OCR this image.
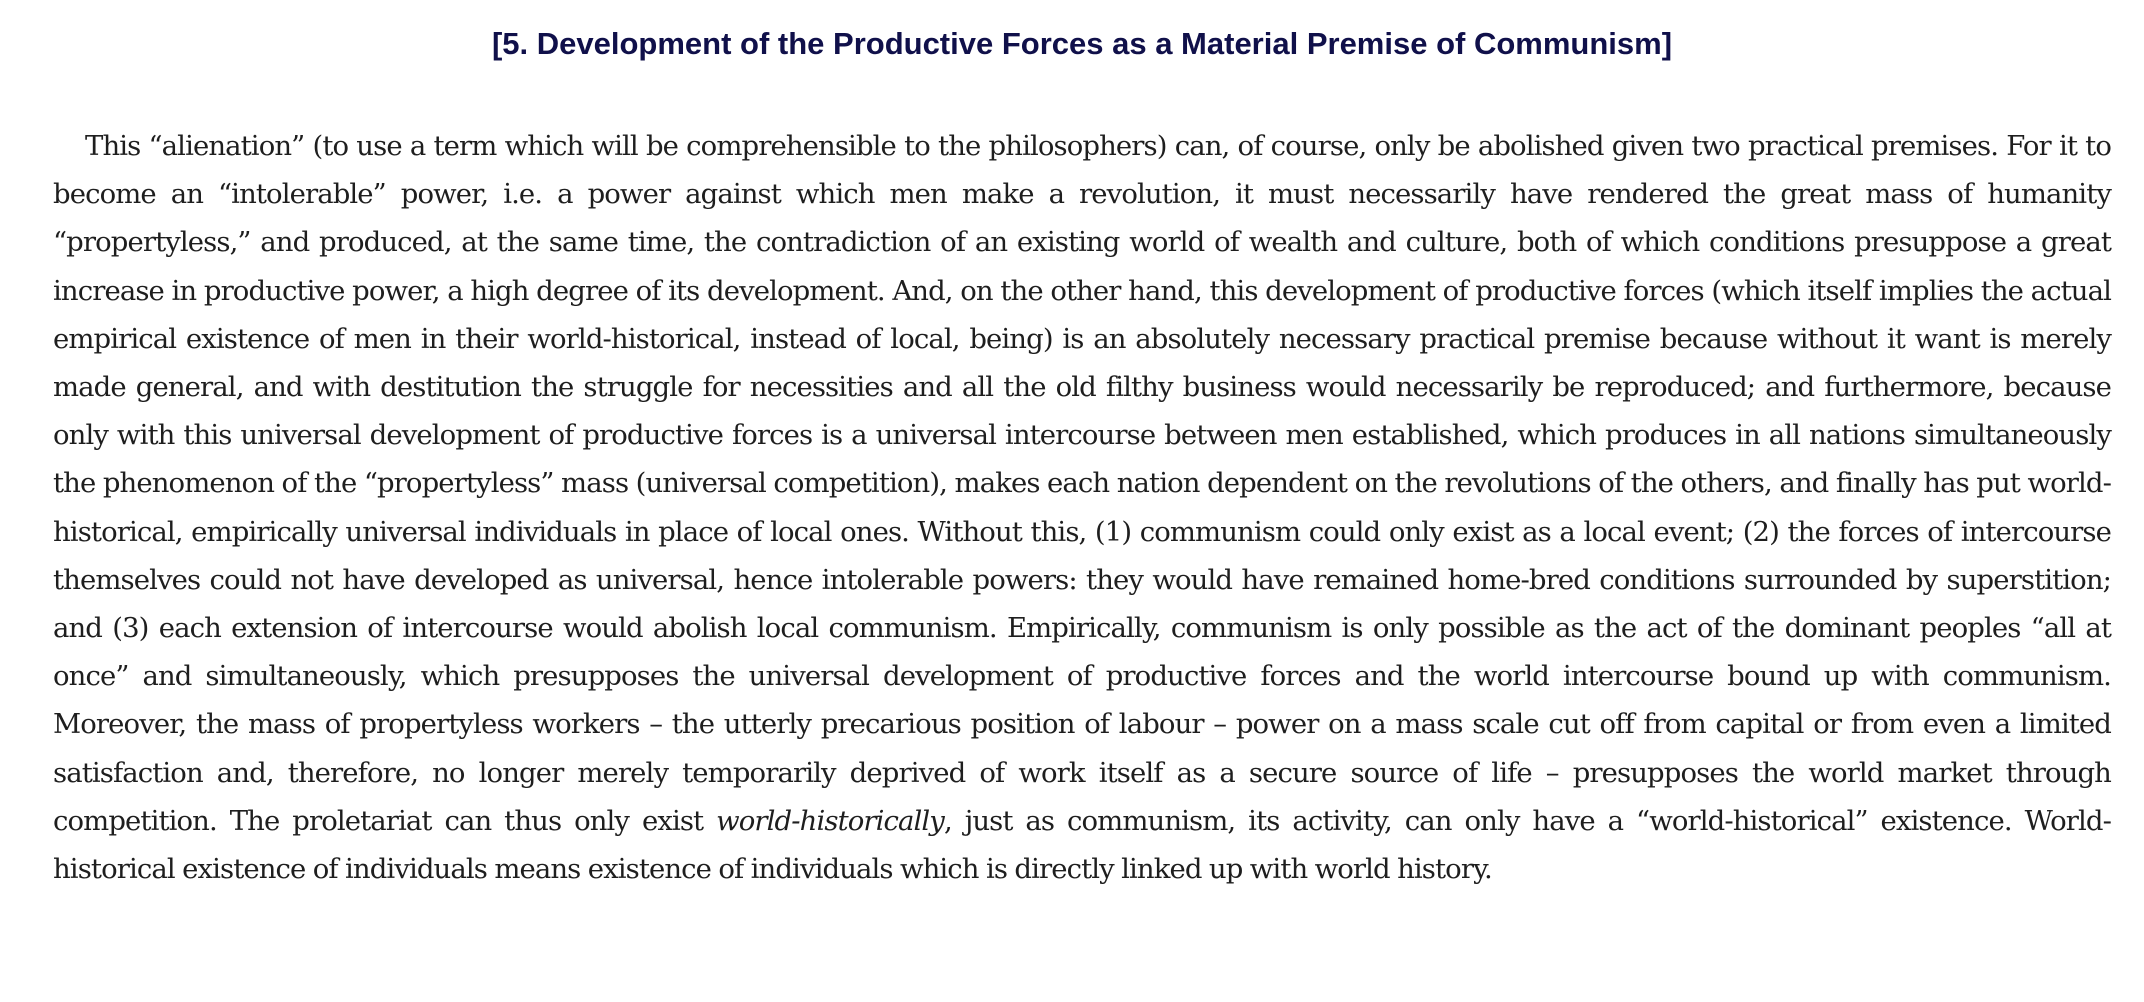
[5. Development of the Productive Forces as a Material Premise of Communism]

This “alienation” (to use a term which will be comprehensible to the philosophers) can, of course, only be abolished given two practical premises. For it to become an “intolerable” power, i.e. a power against which men make a revolution, it must necessarily have rendered the great mass of humanity “propertyless,” and produced, at the same time, the contradiction of an existing world of wealth and culture, both of which conditions presuppose a great increase in productive power, a high degree of its development. And, on the other hand, this development of productive forces (which itself implies the actual empirical existence of men in their world-historical, instead of local, being) is an absolutely necessary practical premise because without it want is merely made general, and with destitution the struggle for necessities and all the old filthy business would necessarily be reproduced; and furthermore, because only with this universal development of productive forces is a universal intercourse between men established, which produces in all nations simultaneously the phenomenon of the “propertyless” mass (universal competition), makes each nation dependent on the revolutions of the others, and finally has put world-historical, empirically universal individuals in place of local ones. Without this, (1) communism could only exist as a local event; (2) the forces of intercourse themselves could not have developed as universal, hence intolerable powers: they would have remained home-bred conditions surrounded by superstition; and (3) each extension of intercourse would abolish local communism. Empirically, communism is only possible as the act of the dominant peoples “all at once” and simultaneously, which presupposes the universal development of productive forces and the world intercourse bound up with communism. Moreover, the mass of propertyless workers – the utterly precarious position of labour – power on a mass scale cut off from capital or from even a limited satisfaction and, therefore, no longer merely temporarily deprived of work itself as a secure source of life – presupposes the world market through competition. The proletariat can thus only exist world-historically, just as communism, its activity, can only have a “world-historical” existence. World-historical existence of individuals means existence of individuals which is directly linked up with world history.
